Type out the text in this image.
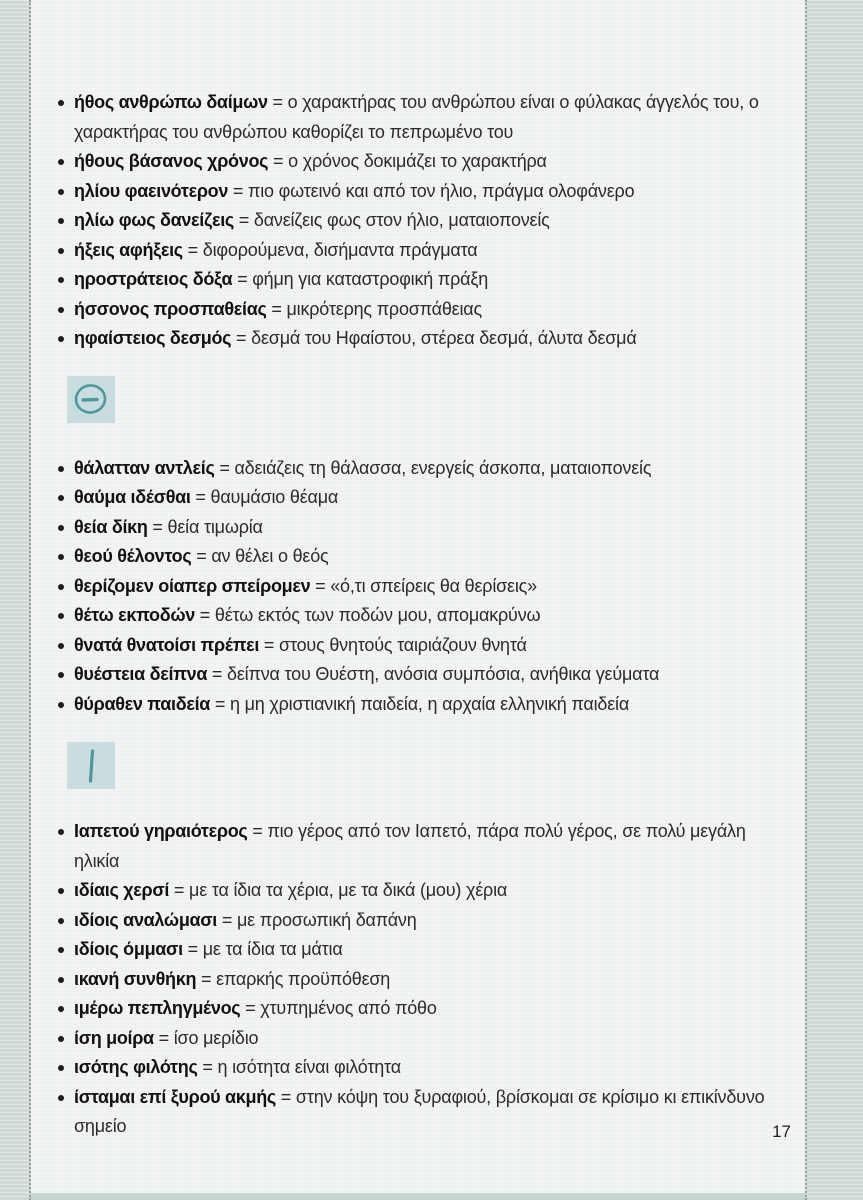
ήθος ανθρώπω δαίμων = ο χαρακτήρας του ανθρώπου είναι ο φύλακας άγγελός του, ο χαρακτήρας του ανθρώπου καθορίζει το πεπρωμένο του
ήθους βάσανος χρόνος = ο χρόνος δοκιμάζει το χαρακτήρα
ηλίου φαεινότερον = πιο φωτεινό και από τον ήλιο, πράγμα ολοφάνερο
ηλίω φως δανείζεις = δανείζεις φως στον ήλιο, ματαιοπονείς
ήξεις αφήξεις = διφορούμενα, δισήμαντα πράγματα
ηροστράτειος δόξα = φήμη για καταστροφική πράξη
ήσσονος προσπαθείας = μικρότερης προσπάθειας
ηφαίστειος δεσμός = δεσμά του Ηφαίστου, στέρεα δεσμά, άλυτα δεσμά
θάλατταν αντλείς = αδειάζεις τη θάλασσα, ενεργείς άσκοπα, ματαιοπονείς
θαύμα ιδέσθαι = θαυμάσιο θέαμα
θεία δίκη = θεία τιμωρία
θεού θέλοντος = αν θέλει ο θεός
θερίζομεν οίαπερ σπείρομεν = «ό,τι σπείρεις θα θερίσεις»
θέτω εκποδών = θέτω εκτός των ποδών μου, απομακρύνω
θνατά θνατοίσι πρέπει = στους θνητούς ταιριάζουν θνητά
θυέστεια δείπνα = δείπνα του Θυέστη, ανόσια συμπόσια, ανήθικα γεύματα
θύραθεν παιδεία = η μη χριστιανική παιδεία, η αρχαία ελληνική παιδεία
Ιαπετού γηραιότερος = πιο γέρος από τον Ιαπετό, πάρα πολύ γέρος, σε πολύ μεγάλη ηλικία
ιδίαις χερσί = με τα ίδια τα χέρια, με τα δικά (μου) χέρια
ιδίοις αναλώμασι = με προσωπική δαπάνη
ιδίοις όμμασι = με τα ίδια τα μάτια
ικανή συνθήκη = επαρκής προϋπόθεση
ιμέρω πεπληγμένος = χτυπημένος από πόθο
ίση μοίρα = ίσο μερίδιο
ισότης φιλότης = η ισότητα είναι φιλότητα
ίσταμαι επί ξυρού ακμής = στην κόψη του ξυραφιού, βρίσκομαι σε κρίσιμο κι επικίνδυνο σημείο	17
